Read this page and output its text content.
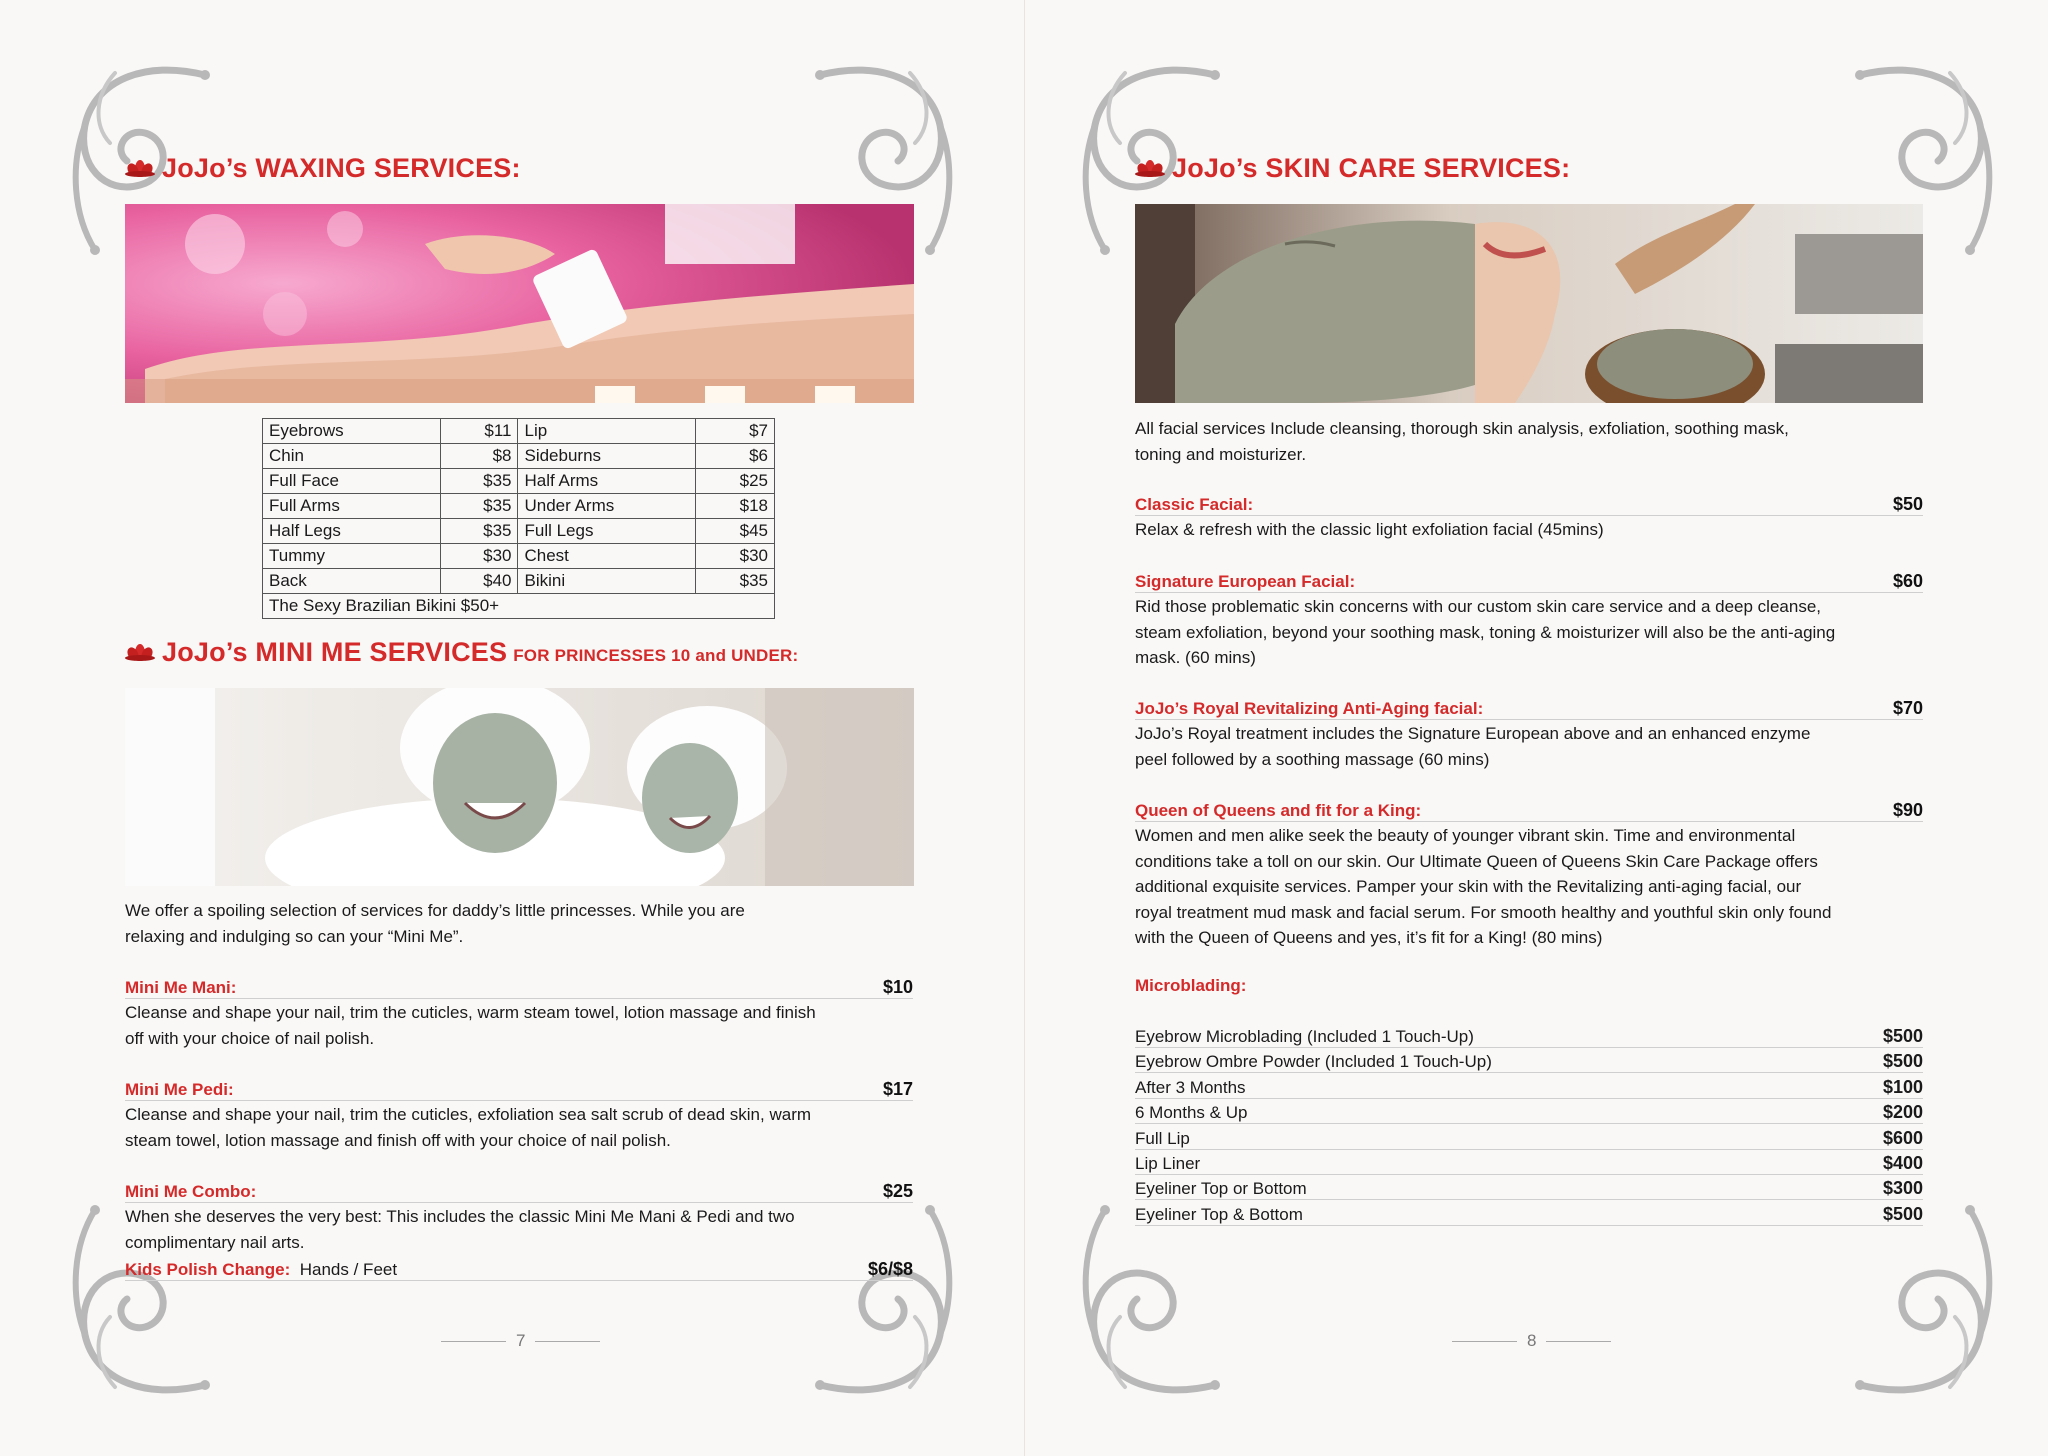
JoJo’s WAXING SERVICES:
Eyebrows	$11	Lip	$7
Chin	$8	Sideburns	$6
Full Face	$35	Half Arms	$25
Full Arms	$35	Under Arms	$18
Half Legs	$35	Full Legs	$45
Tummy	$30	Chest	$30
Back	$40	Bikini	$35
The Sexy Brazilian Bikini $50+			
JoJo’s MINI ME SERVICES FOR PRINCESSES 10 and UNDER:
We offer a spoiling selection of services for daddy’s little princesses. While you are relaxing and indulging so can your “Mini Me”.
Mini Me Mani:	$10
Cleanse and shape your nail, trim the cuticles, warm steam towel, lotion massage and finish off with your choice of nail polish.
Mini Me Pedi:	$17
Cleanse and shape your nail, trim the cuticles, exfoliation sea salt scrub of dead skin, warm steam towel, lotion massage and finish off with your choice of nail polish.
Mini Me Combo:	$25
When she deserves the very best: This includes the classic Mini Me Mani & Pedi and two complimentary nail arts.
Kids Polish Change: Hands / Feet	$6/$8
7
JoJo’s SKIN CARE SERVICES:
All facial services Include cleansing, thorough skin analysis, exfoliation, soothing mask, toning and moisturizer.
Classic Facial:	$50
Relax & refresh with the classic light exfoliation facial (45mins)
Signature European Facial:	$60
Rid those problematic skin concerns with our custom skin care service and a deep cleanse, steam exfoliation, beyond your soothing mask, toning & moisturizer will also be the anti-aging mask. (60 mins)
JoJo’s Royal Revitalizing Anti-Aging facial:	$70
JoJo’s Royal treatment includes the Signature European above and an enhanced enzyme peel followed by a soothing massage (60 mins)
Queen of Queens and fit for a King:	$90
Women and men alike seek the beauty of younger vibrant skin. Time and environmental conditions take a toll on our skin. Our Ultimate Queen of Queens Skin Care Package offers additional exquisite services. Pamper your skin with the Revitalizing anti-aging facial, our royal treatment mud mask and facial serum. For smooth healthy and youthful skin only found with the Queen of Queens and yes, it’s fit for a King! (80 mins)
Microblading:
Eyebrow Microblading (Included 1 Touch-Up)	$500
Eyebrow Ombre Powder (Included 1 Touch-Up)	$500
After 3 Months	$100
6 Months & Up	$200
Full Lip	$600
Lip Liner	$400
Eyeliner Top or Bottom	$300
Eyeliner Top & Bottom	$500
8
